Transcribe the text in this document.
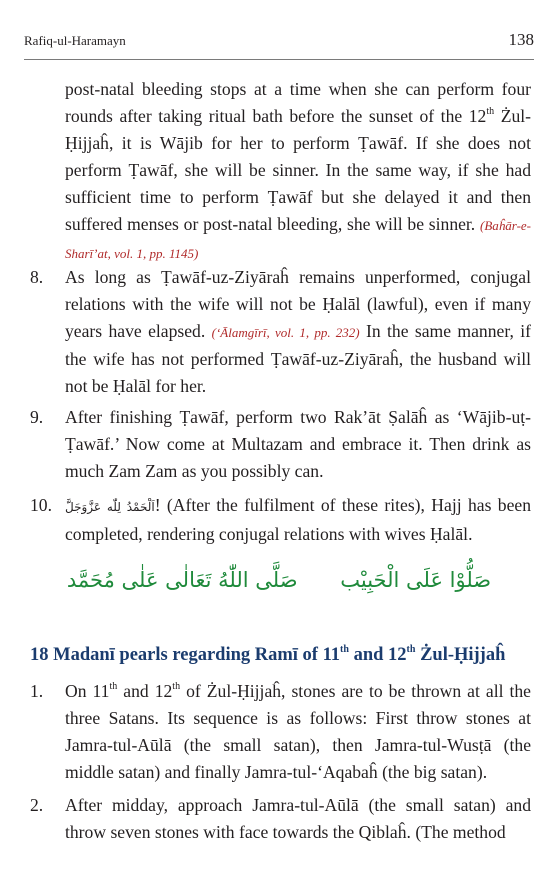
Rafiq-ul-Haramayn	138
post-natal bleeding stops at a time when she can perform four rounds after taking ritual bath before the sunset of the 12th Żul-Ḥijjaĥ, it is Wājib for her to perform Ṭawāf. If she does not perform Ṭawāf, she will be sinner. In the same way, if she had sufficient time to perform Ṭawāf but she delayed it and then suffered menses or post-natal bleeding, she will be sinner. (Baĥār-e-Sharī’at, vol. 1, pp. 1145)
8.	As long as Ṭawāf-uz-Ziyāraĥ remains unperformed, conjugal relations with the wife will not be Ḥalāl (lawful), even if many years have elapsed. (‘Ālamgīrī, vol. 1, pp. 232) In the same manner, if the wife has not performed Ṭawāf-uz-Ziyāraĥ, the husband will not be Ḥalāl for her.
9.	After finishing Ṭawāf, perform two Rak’āt Ṣalāĥ as ‘Wājib-uṭ-Ṭawāf.’ Now come at Multazam and embrace it. Then drink as much Zam Zam as you possibly can.
10.	اَلْحَمْدُ لِلّٰه عَزَّوَجَلَّ! (After the fulfilment of these rites), Hajj has been completed, rendering conjugal relations with wives Ḥalāl.
صَلُّوْا عَلَى الْحَبِيْب صَلَّى اللّٰهُ تَعَالٰى عَلٰى مُحَمَّد
18 Madanī pearls regarding Ramī of 11th and 12th Żul-Ḥijjaĥ
1.	On 11th and 12th of Żul-Ḥijjaĥ, stones are to be thrown at all the three Satans. Its sequence is as follows: First throw stones at Jamra-tul-Aūlā (the small satan), then Jamra-tul-Wusṭā (the middle satan) and finally Jamra-tul-‘Aqabaĥ (the big satan).
2.	After midday, approach Jamra-tul-Aūlā (the small satan) and throw seven stones with face towards the Qiblaĥ. (The method
